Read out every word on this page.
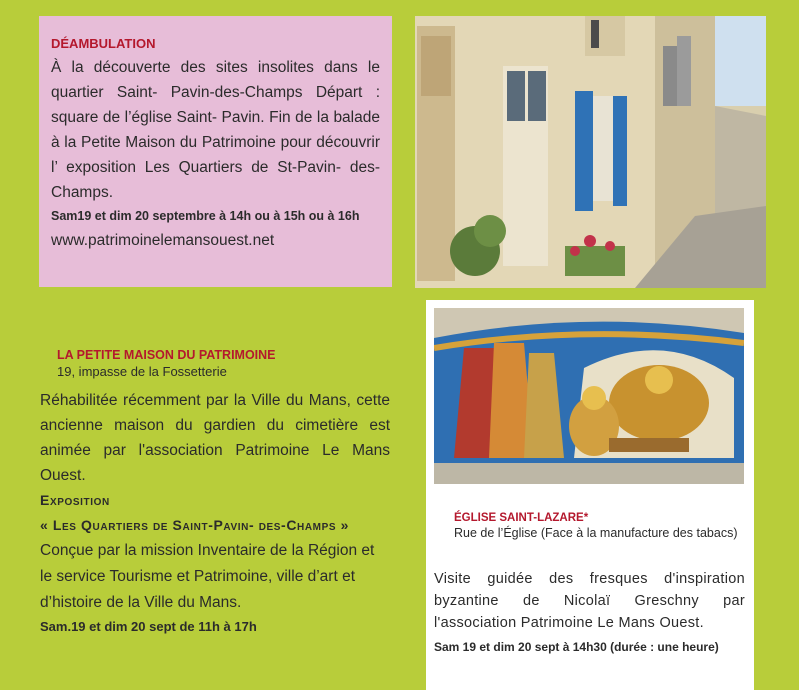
DÉAMBULATION
À la découverte des sites insolites dans le quartier Saint- Pavin-des-Champs Départ : square de l’église Saint- Pavin. Fin de la balade à la Petite Maison du Patrimoine pour découvrir l’ exposition Les Quartiers de St-Pavin- des-Champs.
Sam19 et dim 20 septembre à 14h ou à 15h ou à 16h
www.patrimoinelemansouest.net
LA PETITE MAISON DU PATRIMOINE
19, impasse de la Fossetterie
Réhabilitée récemment par la Ville du Mans, cette ancienne maison du gardien du cimetière est animée par l'association Patrimoine Le Mans Ouest.
Exposition
« Les Quartiers de Saint-Pavin- des-Champs »
Conçue par la mission Inventaire de la Région et le service Tourisme et Patrimoine, ville d’art et d’histoire de la Ville du Mans.
Sam.19 et dim 20 sept de 11h à 17h
ÉGLISE SAINT-LAZARE*
Rue de l’Église (Face à la manufacture des tabacs)
Visite guidée des fresques d'inspiration byzantine de Nicolaï Greschny par l'association Patrimoine Le Mans Ouest.
Sam 19 et dim 20 sept à 14h30 (durée : une heure)
